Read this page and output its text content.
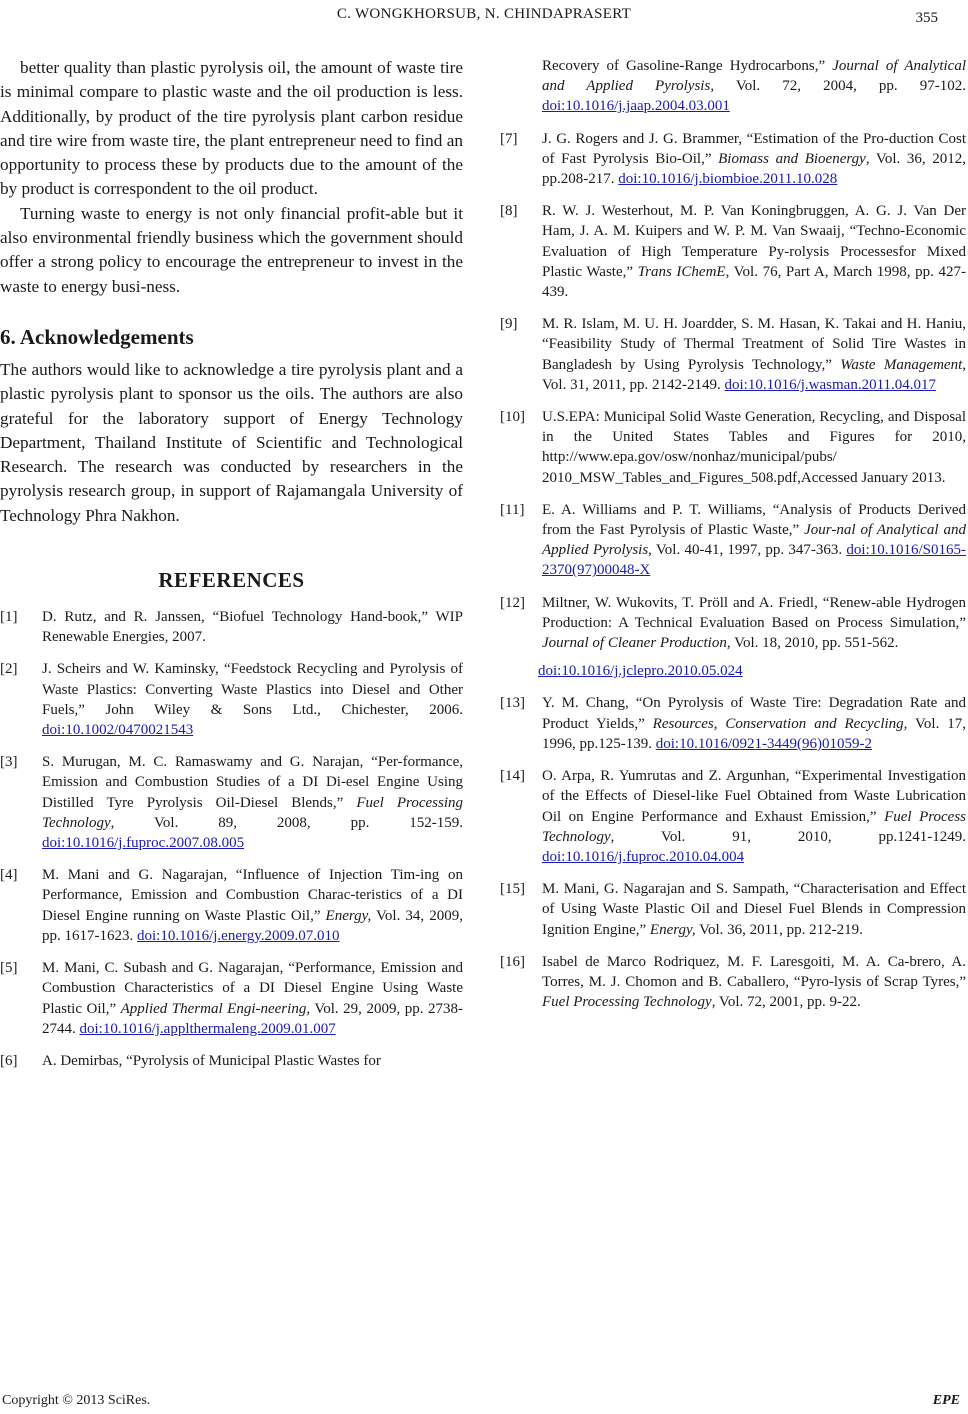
C. WONGKHORSUB, N. CHINDAPRASERT	355

better quality than plastic pyrolysis oil, the amount of waste tire is minimal compare to plastic waste and the oil production is less. Additionally, by product of the tire pyrolysis plant carbon residue and tire wire from waste tire, the plant entrepreneur need to find an opportunity to process these by products due to the amount of the by product is correspondent to the oil product.

Turning waste to energy is not only financial profit-able but it also environmental friendly business which the government should offer a strong policy to encourage the entrepreneur to invest in the waste to energy busi-ness.

6. Acknowledgements

The authors would like to acknowledge a tire pyrolysis plant and a plastic pyrolysis plant to sponsor us the oils. The authors are also grateful for the laboratory support of Energy Technology Department, Thailand Institute of Scientific and Technological Research. The research was conducted by researchers in the pyrolysis research group, in support of Rajamangala University of Technology Phra Nakhon.

REFERENCES
[1]	D. Rutz, and R. Janssen, “Biofuel Technology Hand-book,” WIP Renewable Energies, 2007.
[2]	J. Scheirs and W. Kaminsky, “Feedstock Recycling and Pyrolysis of Waste Plastics: Converting Waste Plastics into Diesel and Other Fuels,” John Wiley & Sons Ltd., Chichester, 2006. doi:10.1002/0470021543
[3]	S. Murugan, M. C. Ramaswamy and G. Narajan, “Per-formance, Emission and Combustion Studies of a DI Di-esel Engine Using Distilled Tyre Pyrolysis Oil-Diesel Blends,” Fuel Processing Technology, Vol. 89, 2008, pp. 152-159. doi:10.1016/j.fuproc.2007.08.005
[4]	M. Mani and G. Nagarajan, “Influence of Injection Tim-ing on Performance, Emission and Combustion Charac-teristics of a DI Diesel Engine running on Waste Plastic Oil,” Energy, Vol. 34, 2009, pp. 1617-1623. doi:10.1016/j.energy.2009.07.010
[5]	M. Mani, C. Subash and G. Nagarajan, “Performance, Emission and Combustion Characteristics of a DI Diesel Engine Using Waste Plastic Oil,” Applied Thermal Engi-neering, Vol. 29, 2009, pp. 2738-2744. doi:10.1016/j.applthermaleng.2009.01.007
[6]	A. Demirbas, “Pyrolysis of Municipal Plastic Wastes for
Recovery of Gasoline-Range Hydrocarbons,” Journal of Analytical and Applied Pyrolysis, Vol. 72, 2004, pp. 97-102. doi:10.1016/j.jaap.2004.03.001
[7]	J. G. Rogers and J. G. Brammer, “Estimation of the Pro-duction Cost of Fast Pyrolysis Bio-Oil,” Biomass and Bioenergy, Vol. 36, 2012, pp.208-217. doi:10.1016/j.biombioe.2011.10.028
[8]	R. W. J. Westerhout, M. P. Van Koningbruggen, A. G. J. Van Der Ham, J. A. M. Kuipers and W. P. M. Van Swaaij, “Techno-Economic Evaluation of High Temperature Py-rolysis Processesfor Mixed Plastic Waste,” Trans IChemE, Vol. 76, Part A, March 1998, pp. 427-439.
[9]	M. R. Islam, M. U. H. Joardder, S. M. Hasan, K. Takai and H. Haniu, “Feasibility Study of Thermal Treatment of Solid Tire Wastes in Bangladesh by Using Pyrolysis Technology,” Waste Management, Vol. 31, 2011, pp. 2142-2149. doi:10.1016/j.wasman.2011.04.017
[10]	U.S.EPA: Municipal Solid Waste Generation, Recycling, and Disposal in the United States Tables and Figures for 2010, http://www.epa.gov/osw/nonhaz/municipal/pubs/ 2010_MSW_Tables_and_Figures_508.pdf,Accessed January 2013.
[11]	E. A. Williams and P. T. Williams, “Analysis of Products Derived from the Fast Pyrolysis of Plastic Waste,” Jour-nal of Analytical and Applied Pyrolysis, Vol. 40-41, 1997, pp. 347-363. doi:10.1016/S0165-2370(97)00048-X
[12]	Miltner, W. Wukovits, T. Pröll and A. Friedl, “Renew-able Hydrogen Production: A Technical Evaluation Based on Process Simulation,” Journal of Cleaner Production, Vol. 18, 2010, pp. 551-562.
doi:10.1016/j.jclepro.2010.05.024
[13]	Y. M. Chang, “On Pyrolysis of Waste Tire: Degradation Rate and Product Yields,” Resources, Conservation and Recycling, Vol. 17, 1996, pp.125-139. doi:10.1016/0921-3449(96)01059-2
[14]	O. Arpa, R. Yumrutas and Z. Argunhan, “Experimental Investigation of the Effects of Diesel-like Fuel Obtained from Waste Lubrication Oil on Engine Performance and Exhaust Emission,” Fuel Process Technology, Vol. 91, 2010, pp.1241-1249. doi:10.1016/j.fuproc.2010.04.004
[15]	M. Mani, G. Nagarajan and S. Sampath, “Characterisation and Effect of Using Waste Plastic Oil and Diesel Fuel Blends in Compression Ignition Engine,” Energy, Vol. 36, 2011, pp. 212-219.
[16]	Isabel de Marco Rodriquez, M. F. Laresgoiti, M. A. Ca-brero, A. Torres, M. J. Chomon and B. Caballero, “Pyro-lysis of Scrap Tyres,” Fuel Processing Technology, Vol. 72, 2001, pp. 9-22.
Copyright © 2013 SciRes.	EPE
